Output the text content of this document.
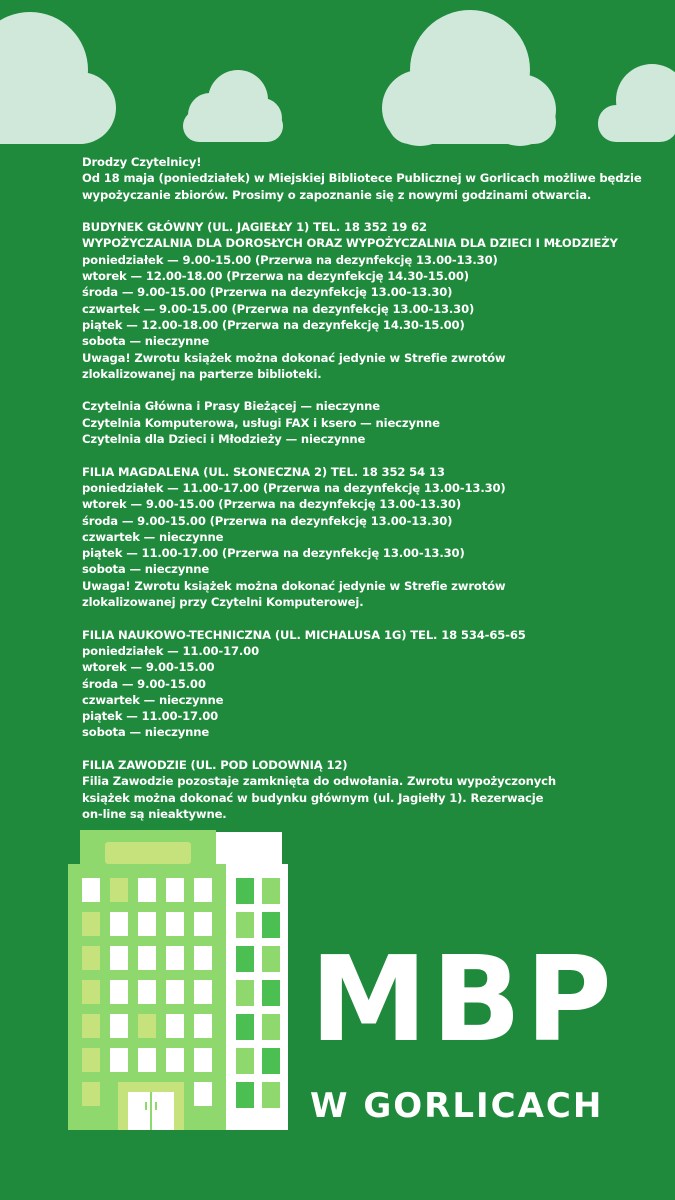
Drodzy Czytelnicy!
Od 18 maja (poniedziałek) w Miejskiej Bibliotece Publicznej w Gorlicach możliwe będzie
wypożyczanie zbiorów. Prosimy o zapoznanie się z nowymi godzinami otwarcia.
BUDYNEK GŁÓWNY (UL. JAGIEŁŁY 1) TEL. 18 352 19 62
WYPOŻYCZALNIA DLA DOROSŁYCH ORAZ WYPOŻYCZALNIA DLA DZIECI I MŁODZIEŻY
poniedziałek — 9.00-15.00 (Przerwa na dezynfekcję 13.00-13.30)
wtorek — 12.00-18.00 (Przerwa na dezynfekcję 14.30-15.00)
środa — 9.00-15.00 (Przerwa na dezynfekcję 13.00-13.30)
czwartek — 9.00-15.00 (Przerwa na dezynfekcję 13.00-13.30)
piątek — 12.00-18.00 (Przerwa na dezynfekcję 14.30-15.00)
sobota — nieczynne
Uwaga! Zwrotu książek można dokonać jedynie w Strefie zwrotów
zlokalizowanej na parterze biblioteki.
Czytelnia Główna i Prasy Bieżącej — nieczynne
Czytelnia Komputerowa, usługi FAX i ksero — nieczynne
Czytelnia dla Dzieci i Młodzieży — nieczynne
FILIA MAGDALENA (UL. SŁONECZNA 2) TEL. 18 352 54 13
poniedziałek — 11.00-17.00 (Przerwa na dezynfekcję 13.00-13.30)
wtorek — 9.00-15.00 (Przerwa na dezynfekcję 13.00-13.30)
środa — 9.00-15.00 (Przerwa na dezynfekcję 13.00-13.30)
czwartek — nieczynne
piątek — 11.00-17.00 (Przerwa na dezynfekcję 13.00-13.30)
sobota — nieczynne
Uwaga! Zwrotu książek można dokonać jedynie w Strefie zwrotów
zlokalizowanej przy Czytelni Komputerowej.
FILIA NAUKOWO-TECHNICZNA (UL. MICHALUSA 1G) TEL. 18 534-65-65
poniedziałek — 11.00-17.00
wtorek — 9.00-15.00
środa — 9.00-15.00
czwartek — nieczynne
piątek — 11.00-17.00
sobota — nieczynne
FILIA ZAWODZIE (UL. POD LODOWNIĄ 12)
Filia Zawodzie pozostaje zamknięta do odwołania. Zwrotu wypożyczonych
książek można dokonać w budynku głównym (ul. Jagiełły 1). Rezerwacje
on-line są nieaktywne.
MBP
W GORLICACH
